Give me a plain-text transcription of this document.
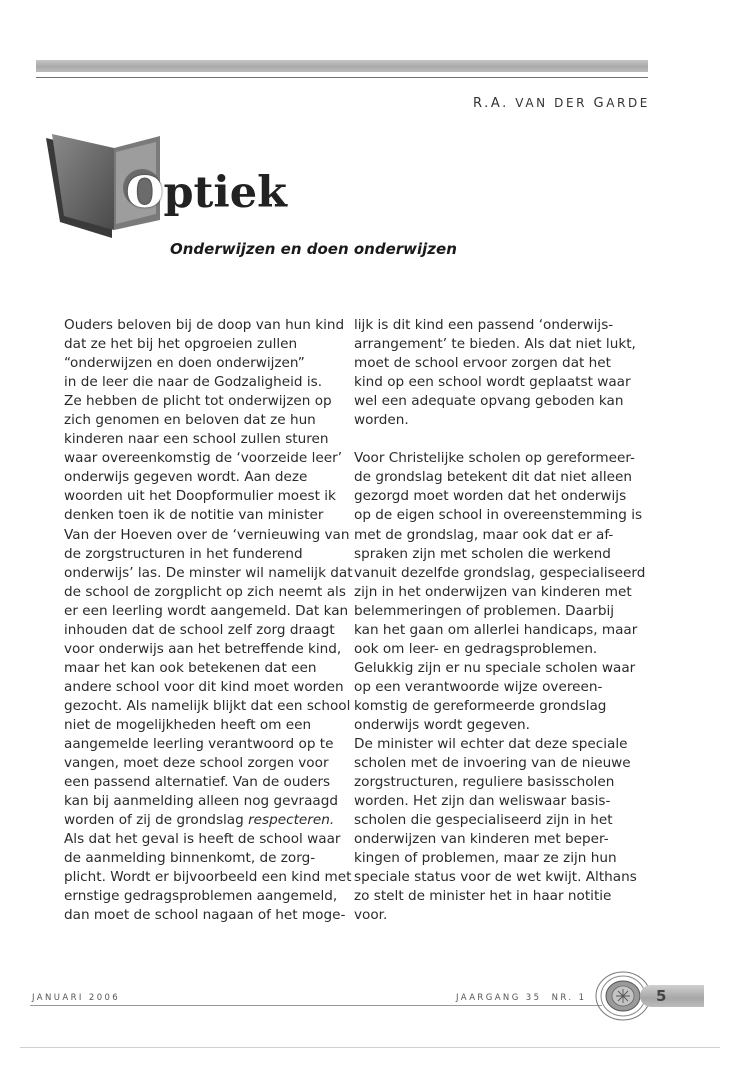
R.A. VAN DER GARDE
Optiek
Onderwijzen en doen onderwijzen
Ouders beloven bij de doop van hun kind
dat ze het bij het opgroeien zullen
“onderwijzen en doen onderwijzen”
in de leer die naar de Godzaligheid is.
Ze hebben de plicht tot onderwijzen op
zich genomen en beloven dat ze hun
kinderen naar een school zullen sturen
waar overeenkomstig de ‘voorzeide leer’
onderwijs gegeven wordt. Aan deze
woorden uit het Doopformulier moest ik
denken toen ik de notitie van minister
Van der Hoeven over de ‘vernieuwing van
de zorgstructuren in het funderend
onderwijs’ las. De minster wil namelijk dat
de school de zorgplicht op zich neemt als
er een leerling wordt aangemeld. Dat kan
inhouden dat de school zelf zorg draagt
voor onderwijs aan het betreffende kind,
maar het kan ook betekenen dat een
andere school voor dit kind moet worden
gezocht. Als namelijk blijkt dat een school
niet de mogelijkheden heeft om een
aangemelde leerling verantwoord op te
vangen, moet deze school zorgen voor
een passend alternatief. Van de ouders
kan bij aanmelding alleen nog gevraagd
worden of zij de grondslag respecteren.
Als dat het geval is heeft de school waar
de aanmelding binnenkomt, de zorg-
plicht. Wordt er bijvoorbeeld een kind met
ernstige gedragsproblemen aangemeld,
dan moet de school nagaan of het moge-
lijk is dit kind een passend ‘onderwijs-
arrangement’ te bieden. Als dat niet lukt,
moet de school ervoor zorgen dat het
kind op een school wordt geplaatst waar
wel een adequate opvang geboden kan
worden.
Voor Christelijke scholen op gereformeer-
de grondslag betekent dit dat niet alleen
gezorgd moet worden dat het onderwijs
op de eigen school in overeenstemming is
met de grondslag, maar ook dat er af-
spraken zijn met scholen die werkend
vanuit dezelfde grondslag, gespecialiseerd
zijn in het onderwijzen van kinderen met
belemmeringen of problemen. Daarbij
kan het gaan om allerlei handicaps, maar
ook om leer- en gedragsproblemen.
Gelukkig zijn er nu speciale scholen waar
op een verantwoorde wijze overeen-
komstig de gereformeerde grondslag
onderwijs wordt gegeven.
De minister wil echter dat deze speciale
scholen met de invoering van de nieuwe
zorgstructuren, reguliere basisscholen
worden. Het zijn dan weliswaar basis-
scholen die gespecialiseerd zijn in het
onderwijzen van kinderen met beper-
kingen of problemen, maar ze zijn hun
speciale status voor de wet kwijt. Althans
zo stelt de minister het in haar notitie
voor.
JANUARI 2006	JAARGANG 35  NR. 1	5
